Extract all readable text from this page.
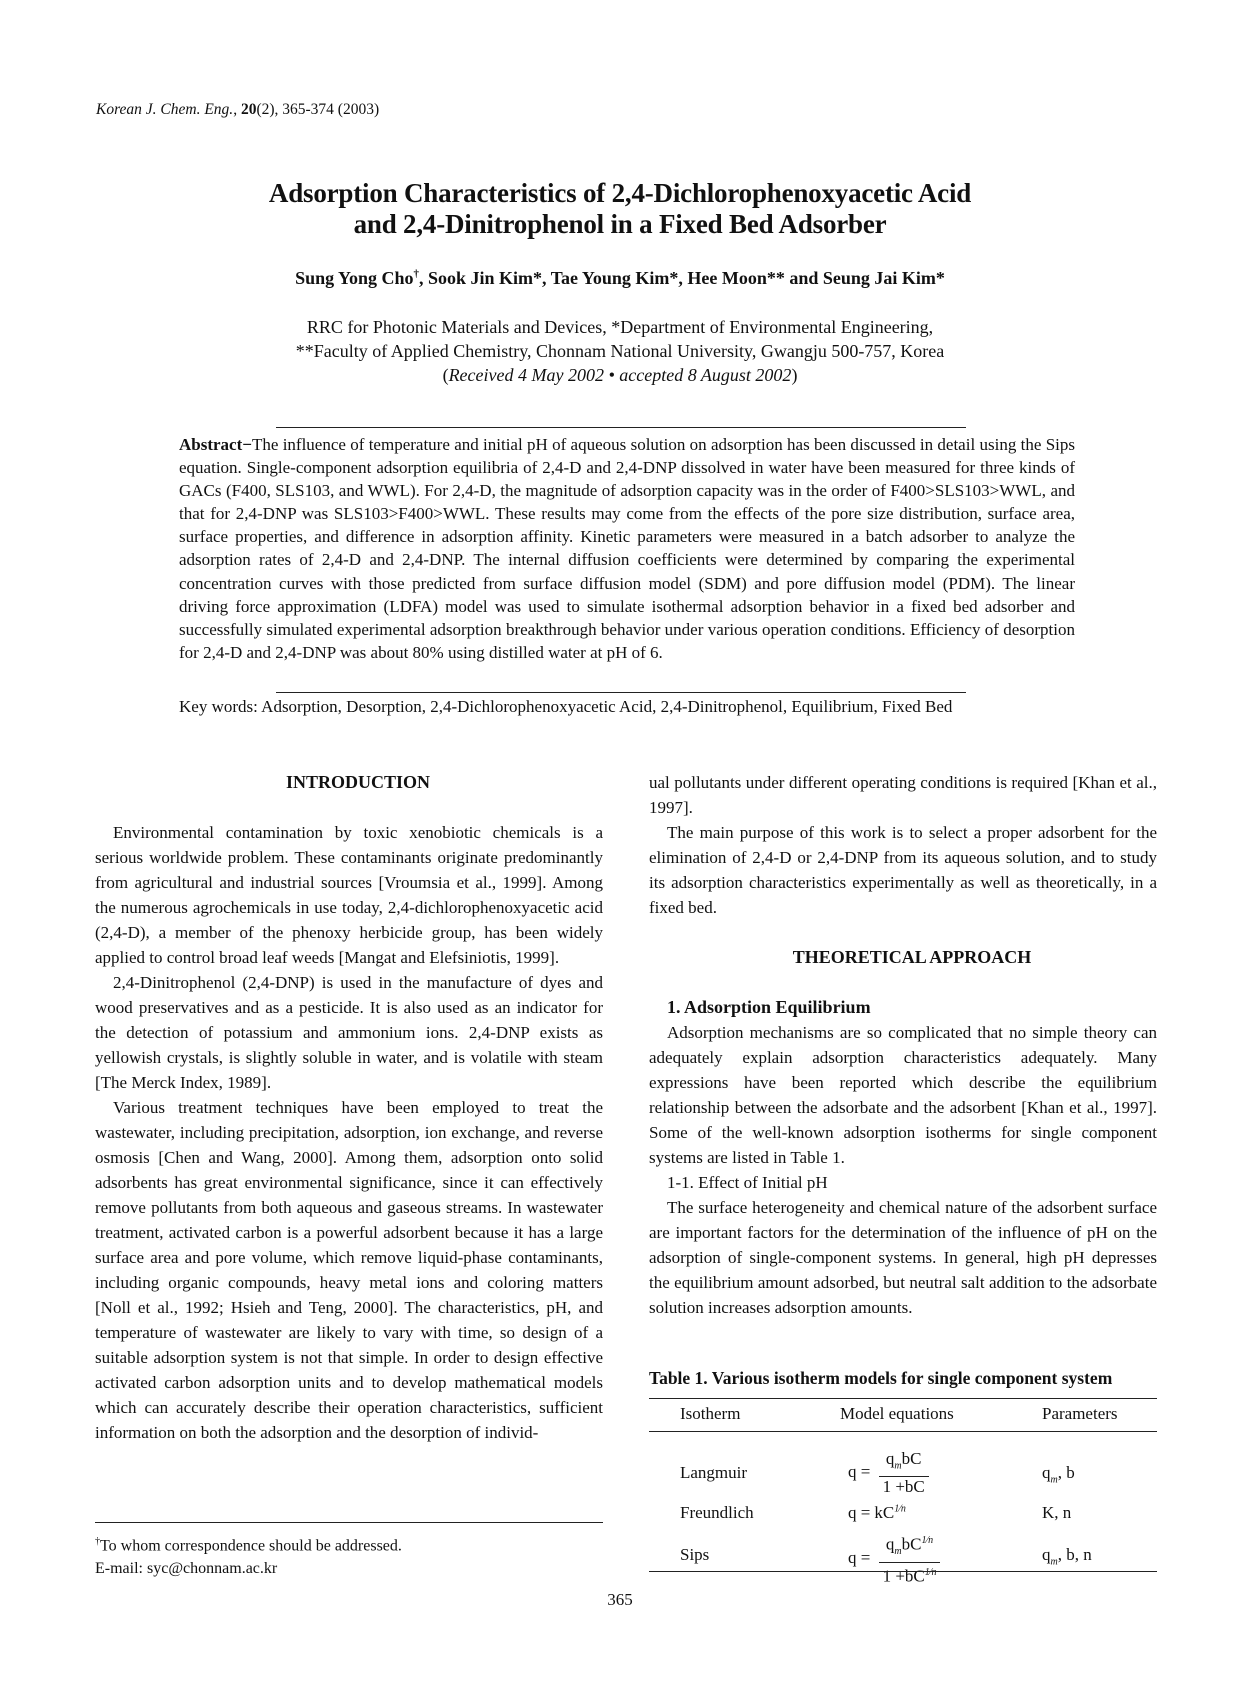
Korean J. Chem. Eng., 20(2), 365-374 (2003)
Adsorption Characteristics of 2,4-Dichlorophenoxyacetic Acid
and 2,4-Dinitrophenol in a Fixed Bed Adsorber
Sung Yong Cho†, Sook Jin Kim*, Tae Young Kim*, Hee Moon** and Seung Jai Kim*
RRC for Photonic Materials and Devices, *Department of Environmental Engineering,
**Faculty of Applied Chemistry, Chonnam National University, Gwangju 500-757, Korea
(Received 4 May 2002 • accepted 8 August 2002)
Abstract−The influence of temperature and initial pH of aqueous solution on adsorption has been discussed in detail using the Sips equation. Single-component adsorption equilibria of 2,4-D and 2,4-DNP dissolved in water have been measured for three kinds of GACs (F400, SLS103, and WWL). For 2,4-D, the magnitude of adsorption capacity was in the order of F400>SLS103>WWL, and that for 2,4-DNP was SLS103>F400>WWL. These results may come from the effects of the pore size distribution, surface area, surface properties, and difference in adsorption affinity. Kinetic parameters were measured in a batch adsorber to analyze the adsorption rates of 2,4-D and 2,4-DNP. The internal diffusion coefficients were determined by comparing the experimental concentration curves with those predicted from surface diffusion model (SDM) and pore diffusion model (PDM). The linear driving force approximation (LDFA) model was used to simulate isothermal adsorption behavior in a fixed bed adsorber and successfully simulated experimental adsorption breakthrough behavior under various operation conditions. Efficiency of desorption for 2,4-D and 2,4-DNP was about 80% using distilled water at pH of 6.
Key words: Adsorption, Desorption, 2,4-Dichlorophenoxyacetic Acid, 2,4-Dinitrophenol, Equilibrium, Fixed Bed

INTRODUCTION

Environmental contamination by toxic xenobiotic chemicals is a serious worldwide problem. These contaminants originate predominantly from agricultural and industrial sources [Vroumsia et al., 1999]. Among the numerous agrochemicals in use today, 2,4-dichlorophenoxyacetic acid (2,4-D), a member of the phenoxy herbicide group, has been widely applied to control broad leaf weeds [Mangat and Elefsiniotis, 1999].

2,4-Dinitrophenol (2,4-DNP) is used in the manufacture of dyes and wood preservatives and as a pesticide. It is also used as an indicator for the detection of potassium and ammonium ions. 2,4-DNP exists as yellowish crystals, is slightly soluble in water, and is volatile with steam [The Merck Index, 1989].

Various treatment techniques have been employed to treat the wastewater, including precipitation, adsorption, ion exchange, and reverse osmosis [Chen and Wang, 2000]. Among them, adsorption onto solid adsorbents has great environmental significance, since it can effectively remove pollutants from both aqueous and gaseous streams. In wastewater treatment, activated carbon is a powerful adsorbent because it has a large surface area and pore volume, which remove liquid-phase contaminants, including organic compounds, heavy metal ions and coloring matters [Noll et al., 1992; Hsieh and Teng, 2000]. The characteristics, pH, and temperature of wastewater are likely to vary with time, so design of a suitable adsorption system is not that simple. In order to design effective activated carbon adsorption units and to develop mathematical models which can accurately describe their operation characteristics, sufficient information on both the adsorption and the desorption of individ-

ual pollutants under different operating conditions is required [Khan et al., 1997].

The main purpose of this work is to select a proper adsorbent for the elimination of 2,4-D or 2,4-DNP from its aqueous solution, and to study its adsorption characteristics experimentally as well as theoretically, in a fixed bed.

THEORETICAL APPROACH

1. Adsorption Equilibrium

Adsorption mechanisms are so complicated that no simple theory can adequately explain adsorption characteristics adequately. Many expressions have been reported which describe the equilibrium relationship between the adsorbate and the adsorbent [Khan et al., 1997]. Some of the well-known adsorption isotherms for single component systems are listed in Table 1.

1-1. Effect of Initial pH

The surface heterogeneity and chemical nature of the adsorbent surface are important factors for the determination of the influence of pH on the adsorption of single-component systems. In general, high pH depresses the equilibrium amount adsorbed, but neutral salt addition to the adsorbate solution increases adsorption amounts.

Table 1. Various isotherm models for single component system
Isotherm	Model equations	Parameters
Langmuir	$q = \frac{q_mbC}{1 +bC}$	$q_m$, b
Freundlich	$q = kC^{1⁄n}$	K, n
Sips	$q = \frac{q_mbC^{1⁄n}}{1 +bC^{1⁄n}}$	$q_m$, b, n
†To whom correspondence should be addressed.
E-mail: syc@chonnam.ac.kr
365
